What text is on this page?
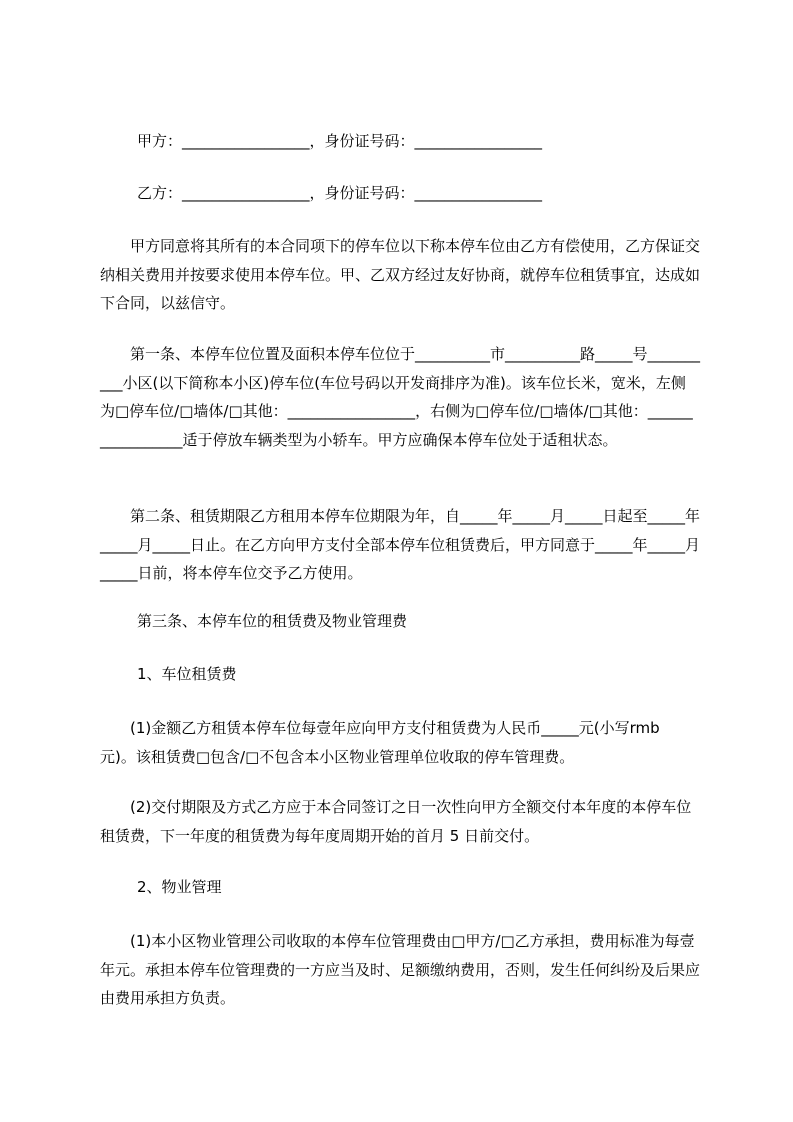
甲方：_________________，身份证号码：_________________

乙方：_________________，身份证号码：_________________

　　甲方同意将其所有的本合同项下的停车位以下称本停车位由乙方有偿使用，乙方保证交纳相关费用并按要求使用本停车位。甲、乙双方经过友好协商，就停车位租赁事宜，达成如下合同，以兹信守。

　　第一条、本停车位位置及面积本停车位位于__________市__________路_____号__________小区(以下简称本小区)停车位(车位号码以开发商排序为准)。该车位长米，宽米，左侧为□停车位/□墙体/□其他：_________________，右侧为□停车位/□墙体/□其他：_________________适于停放车辆类型为小轿车。甲方应确保本停车位处于适租状态。

　　第二条、租赁期限乙方租用本停车位期限为年，自_____年_____月_____日起至_____年_____月_____日止。在乙方向甲方支付全部本停车位租赁费后，甲方同意于_____年_____月_____日前，将本停车位交予乙方使用。

第三条、本停车位的租赁费及物业管理费

1、车位租赁费

　　(1)金额乙方租赁本停车位每壹年应向甲方支付租赁费为人民币_____元(小写rmb 元)。该租赁费□包含/□不包含本小区物业管理单位收取的停车管理费。

　　(2)交付期限及方式乙方应于本合同签订之日一次性向甲方全额交付本年度的本停车位租赁费，下一年度的租赁费为每年度周期开始的首月 5 日前交付。

2、物业管理

　　(1)本小区物业管理公司收取的本停车位管理费由□甲方/□乙方承担，费用标准为每壹年元。承担本停车位管理费的一方应当及时、足额缴纳费用，否则，发生任何纠纷及后果应由费用承担方负责。
